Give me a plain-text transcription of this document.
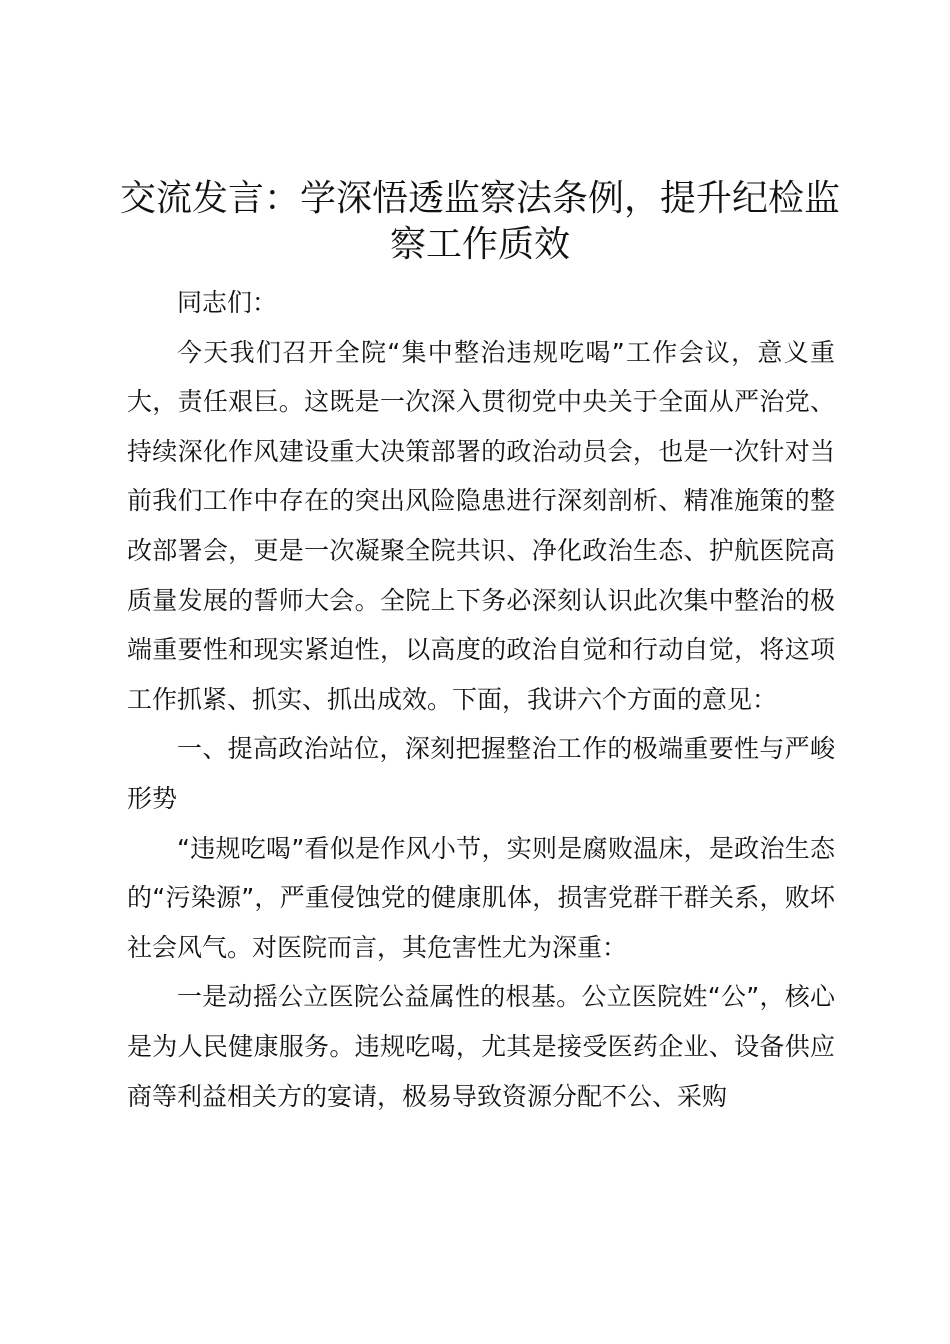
交流发言：学深悟透监察法条例，提升纪检监察工作质效

同志们：

今天我们召开全院“集中整治违规吃喝”工作会议，意义重大，责任艰巨。这既是一次深入贯彻党中央关于全面从严治党、持续深化作风建设重大决策部署的政治动员会，也是一次针对当前我们工作中存在的突出风险隐患进行深刻剖析、精准施策的整改部署会，更是一次凝聚全院共识、净化政治生态、护航医院高质量发展的誓师大会。全院上下务必深刻认识此次集中整治的极端重要性和现实紧迫性，以高度的政治自觉和行动自觉，将这项工作抓紧、抓实、抓出成效。下面，我讲六个方面的意见：

一、提高政治站位，深刻把握整治工作的极端重要性与严峻形势

“违规吃喝”看似是作风小节，实则是腐败温床，是政治生态的“污染源”，严重侵蚀党的健康肌体，损害党群干群关系，败坏社会风气。对医院而言，其危害性尤为深重：

一是动摇公立医院公益属性的根基。公立医院姓“公”，核心是为人民健康服务。违规吃喝，尤其是接受医药企业、设备供应商等利益相关方的宴请，极易导致资源分配不公、采购
